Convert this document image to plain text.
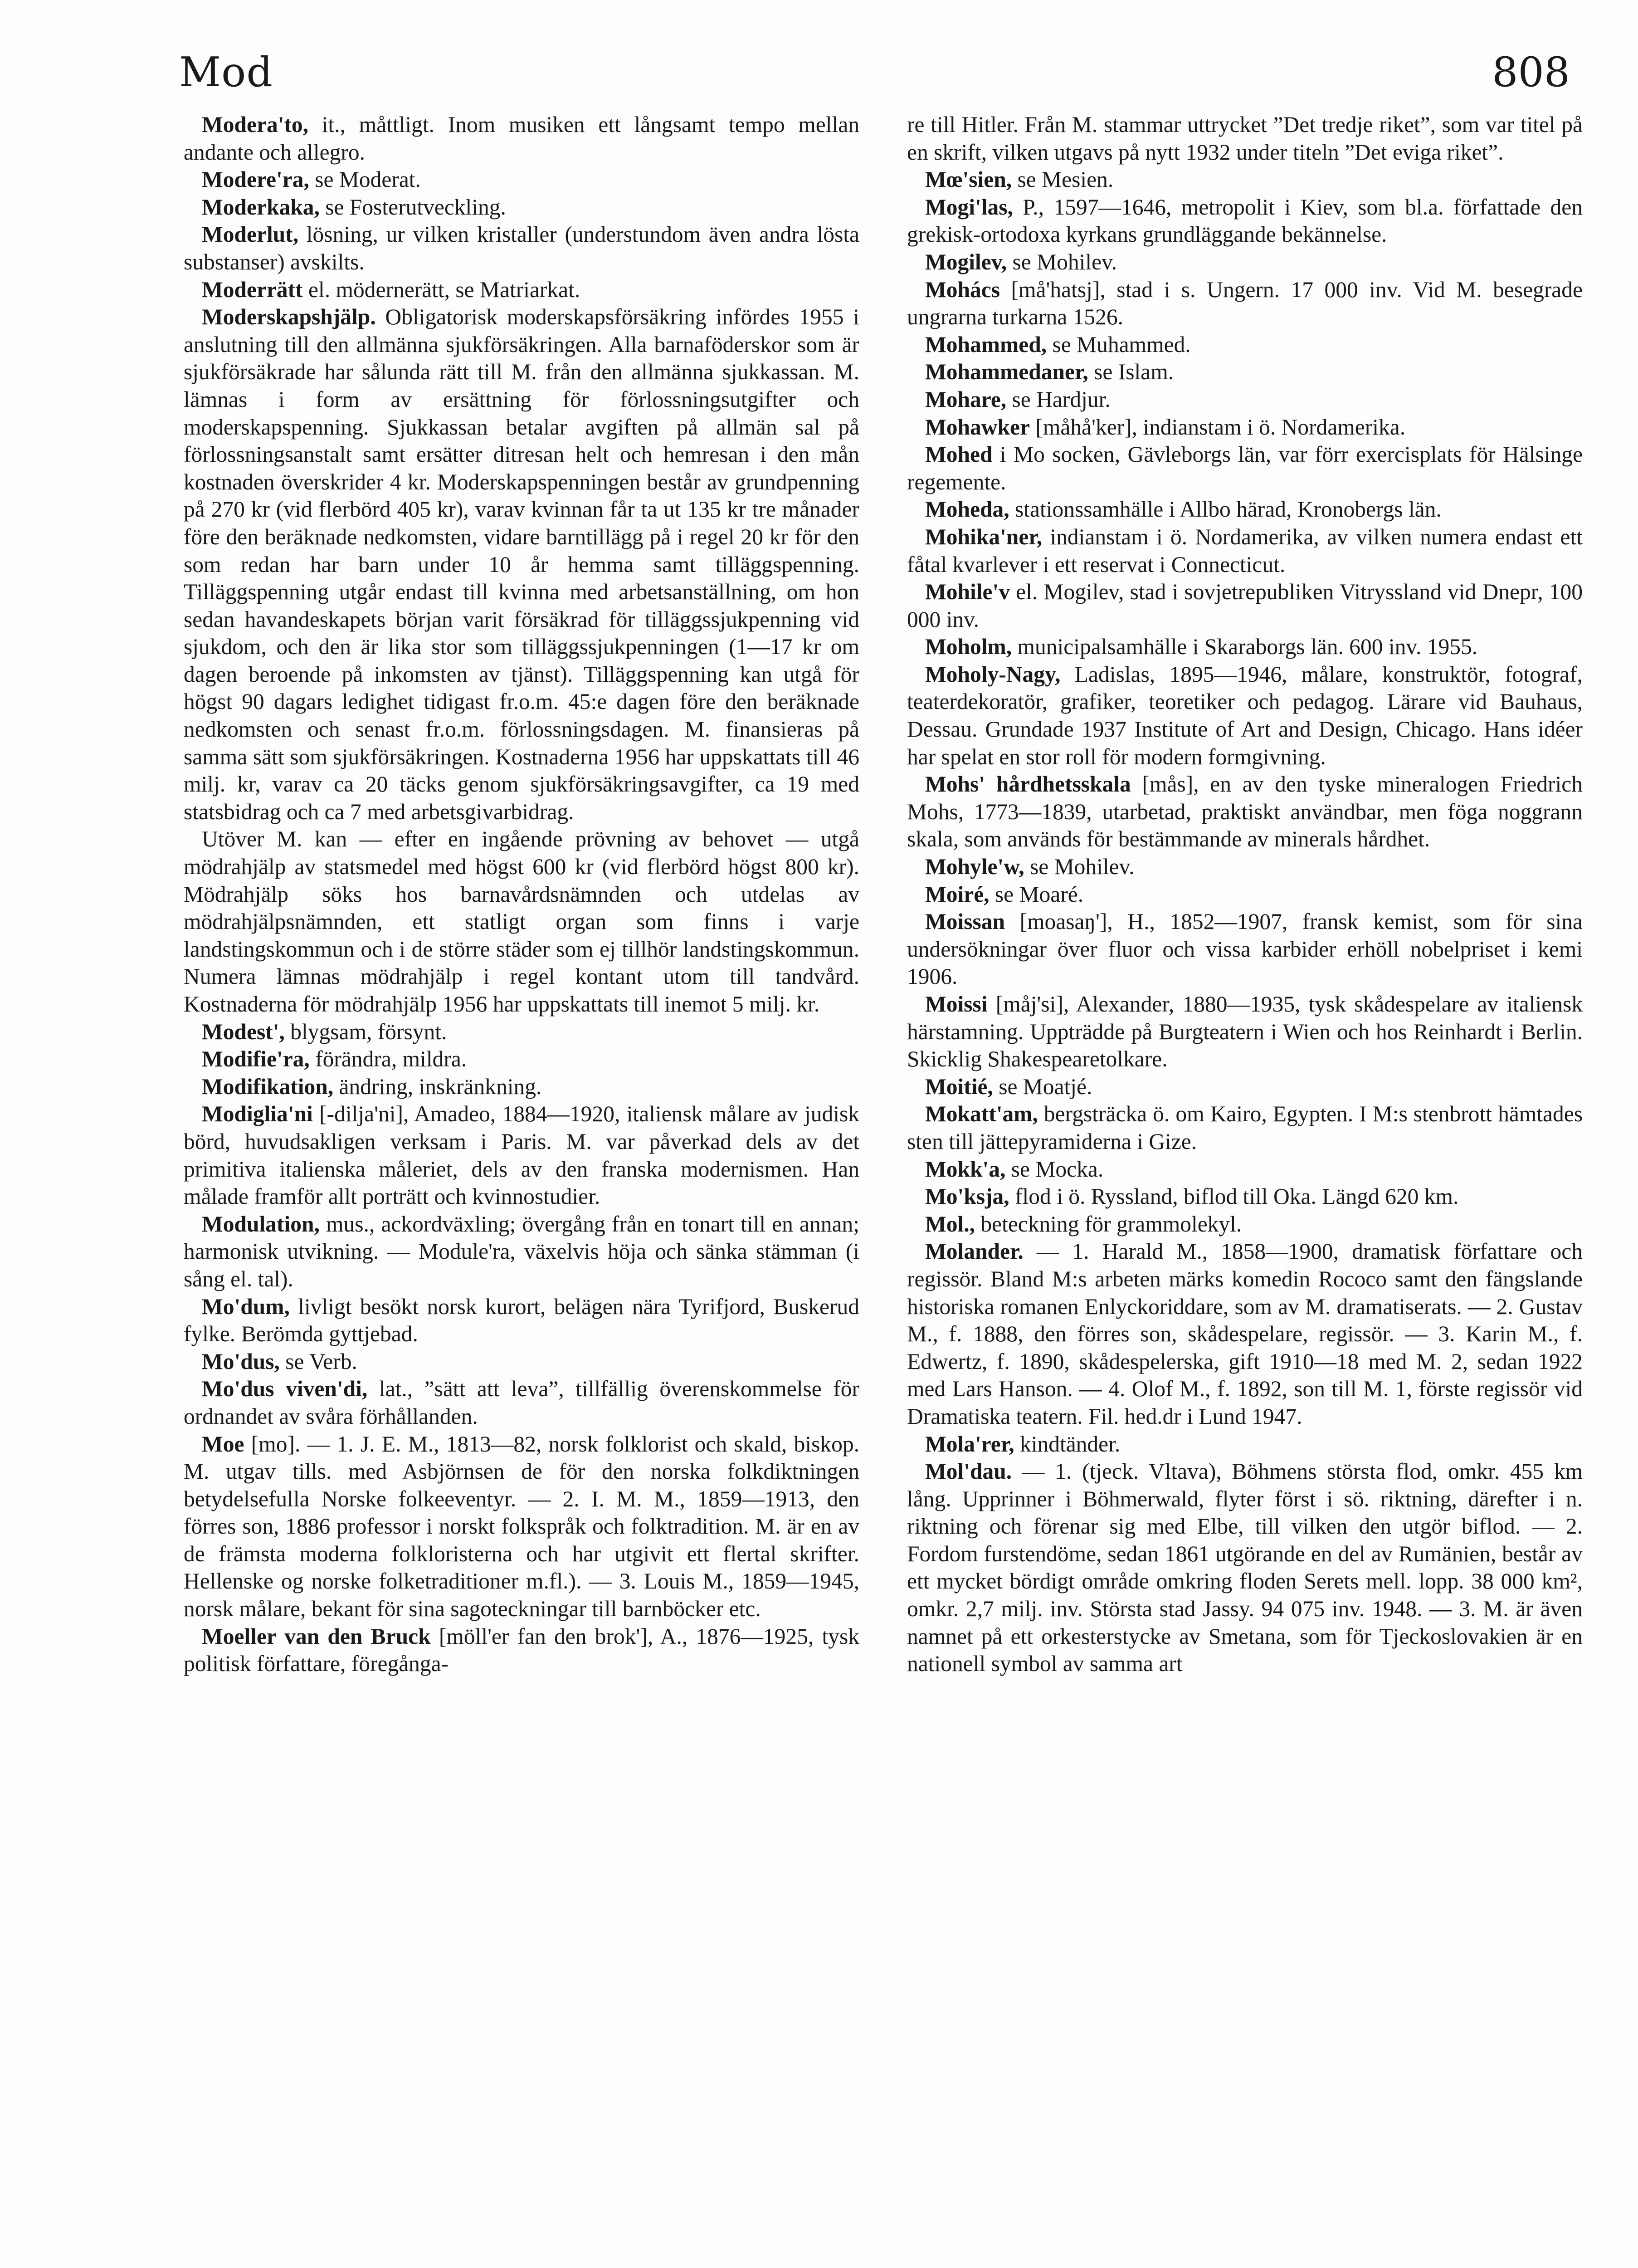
Mod	808

Modera'to, it., måttligt. Inom musiken ett långsamt tempo mellan andante och allegro.

Modere'ra, se Moderat.

Moderkaka, se Fosterutveckling.

Moderlut, lösning, ur vilken kristaller (understundom även andra lösta substanser) avskilts.

Moderrätt el. mödernerätt, se Matriarkat.

Moderskapshjälp. Obligatorisk moderskapsförsäkring infördes 1955 i anslutning till den allmänna sjukförsäkringen. Alla barnaföderskor som är sjukförsäkrade har sålunda rätt till M. från den allmänna sjukkassan. M. lämnas i form av ersättning för förlossningsutgifter och moderskapspenning. Sjukkassan betalar avgiften på allmän sal på förlossningsanstalt samt ersätter ditresan helt och hemresan i den mån kostnaden överskrider 4 kr. Moderskapspenningen består av grundpenning på 270 kr (vid flerbörd 405 kr), varav kvinnan får ta ut 135 kr tre månader före den beräknade nedkomsten, vidare barntillägg på i regel 20 kr för den som redan har barn under 10 år hemma samt tilläggspenning. Tilläggspenning utgår endast till kvinna med arbetsanställning, om hon sedan havandeskapets början varit försäkrad för tilläggssjukpenning vid sjukdom, och den är lika stor som tilläggssjukpenningen (1—17 kr om dagen beroende på inkomsten av tjänst). Tilläggspenning kan utgå för högst 90 dagars ledighet tidigast fr.o.m. 45:e dagen före den beräknade nedkomsten och senast fr.o.m. förlossningsdagen. M. finansieras på samma sätt som sjukförsäkringen. Kostnaderna 1956 har uppskattats till 46 milj. kr, varav ca 20 täcks genom sjukförsäkringsavgifter, ca 19 med statsbidrag och ca 7 med arbetsgivarbidrag.

Utöver M. kan — efter en ingående prövning av behovet — utgå mödrahjälp av statsmedel med högst 600 kr (vid flerbörd högst 800 kr). Mödrahjälp söks hos barnavårdsnämnden och utdelas av mödrahjälpsnämnden, ett statligt organ som finns i varje landstingskommun och i de större städer som ej tillhör landstingskommun. Numera lämnas mödrahjälp i regel kontant utom till tandvård. Kostnaderna för mödrahjälp 1956 har uppskattats till inemot 5 milj. kr.

Modest', blygsam, försynt.

Modifie'ra, förändra, mildra.

Modifikation, ändring, inskränkning.

Modiglia'ni [-dilja'ni], Amadeo, 1884—1920, italiensk målare av judisk börd, huvudsakligen verksam i Paris. M. var påverkad dels av det primitiva italienska måleriet, dels av den franska modernismen. Han målade framför allt porträtt och kvinnostudier.

Modulation, mus., ackordväxling; övergång från en tonart till en annan; harmonisk utvikning. — Module'ra, växelvis höja och sänka stämman (i sång el. tal).

Mo'dum, livligt besökt norsk kurort, belägen nära Tyrifjord, Buskerud fylke. Berömda gyttjebad.

Mo'dus, se Verb.

Mo'dus viven'di, lat., ”sätt att leva”, tillfällig överenskommelse för ordnandet av svåra förhållanden.

Moe [mo]. — 1. J. E. M., 1813—82, norsk folklorist och skald, biskop. M. utgav tills. med Asbjörnsen de för den norska folkdiktningen betydelsefulla Norske folkeeventyr. — 2. I. M. M., 1859—1913, den förres son, 1886 professor i norskt folkspråk och folktradition. M. är en av de främsta moderna folkloristerna och har utgivit ett flertal skrifter. Hellenske og norske folketraditioner m.fl.). — 3. Louis M., 1859—1945, norsk målare, bekant för sina sagoteckningar till barnböcker etc.

Moeller van den Bruck [möll'er fan den brok'], A., 1876—1925, tysk politisk författare, föregånga-

re till Hitler. Från M. stammar uttrycket ”Det tredje riket”, som var titel på en skrift, vilken utgavs på nytt 1932 under titeln ”Det eviga riket”.

Mœ'sien, se Mesien.

Mogi'las, P., 1597—1646, metropolit i Kiev, som bl.a. författade den grekisk-ortodoxa kyrkans grundläggande bekännelse.

Mogilev, se Mohilev.

Mohács [må'hatsj], stad i s. Ungern. 17 000 inv. Vid M. besegrade ungrarna turkarna 1526.

Mohammed, se Muhammed.

Mohammedaner, se Islam.

Mohare, se Hardjur.

Mohawker [måhå'ker], indianstam i ö. Nordamerika.

Mohed i Mo socken, Gävleborgs län, var förr exercisplats för Hälsinge regemente.

Moheda, stationssamhälle i Allbo härad, Kronobergs län.

Mohika'ner, indianstam i ö. Nordamerika, av vilken numera endast ett fåtal kvarlever i ett reservat i Connecticut.

Mohile'v el. Mogilev, stad i sovjetrepubliken Vitryssland vid Dnepr, 100 000 inv.

Moholm, municipalsamhälle i Skaraborgs län. 600 inv. 1955.

Moholy-Nagy, Ladislas, 1895—1946, målare, konstruktör, fotograf, teaterdekoratör, grafiker, teoretiker och pedagog. Lärare vid Bauhaus, Dessau. Grundade 1937 Institute of Art and Design, Chicago. Hans idéer har spelat en stor roll för modern formgivning.

Mohs' hårdhetsskala [mås], en av den tyske mineralogen Friedrich Mohs, 1773—1839, utarbetad, praktiskt användbar, men föga noggrann skala, som används för bestämmande av minerals hårdhet.

Mohyle'w, se Mohilev.

Moiré, se Moaré.

Moissan [moasaŋ'], H., 1852—1907, fransk kemist, som för sina undersökningar över fluor och vissa karbider erhöll nobelpriset i kemi 1906.

Moissi [måj'si], Alexander, 1880—1935, tysk skådespelare av italiensk härstamning. Uppträdde på Burgteatern i Wien och hos Reinhardt i Berlin. Skicklig Shakespearetolkare.

Moitié, se Moatjé.

Mokatt'am, bergsträcka ö. om Kairo, Egypten. I M:s stenbrott hämtades sten till jättepyramiderna i Gize.

Mokk'a, se Mocka.

Mo'ksja, flod i ö. Ryssland, biflod till Oka. Längd 620 km.

Mol., beteckning för grammolekyl.

Molander. — 1. Harald M., 1858—1900, dramatisk författare och regissör. Bland M:s arbeten märks komedin Rococo samt den fängslande historiska romanen Enlyckoriddare, som av M. dramatiserats. — 2. Gustav M., f. 1888, den förres son, skådespelare, regissör. — 3. Karin M., f. Edwertz, f. 1890, skådespelerska, gift 1910—18 med M. 2, sedan 1922 med Lars Hanson. — 4. Olof M., f. 1892, son till M. 1, förste regissör vid Dramatiska teatern. Fil. hed.dr i Lund 1947.

Mola'rer, kindtänder.

Mol'dau. — 1. (tjeck. Vltava), Böhmens största flod, omkr. 455 km lång. Upprinner i Böhmerwald, flyter först i sö. riktning, därefter i n. riktning och förenar sig med Elbe, till vilken den utgör biflod. — 2. Fordom furstendöme, sedan 1861 utgörande en del av Rumänien, består av ett mycket bördigt område omkring floden Serets mell. lopp. 38 000 km², omkr. 2,7 milj. inv. Största stad Jassy. 94 075 inv. 1948. — 3. M. är även namnet på ett orkesterstycke av Smetana, som för Tjeckoslovakien är en nationell symbol av samma art
